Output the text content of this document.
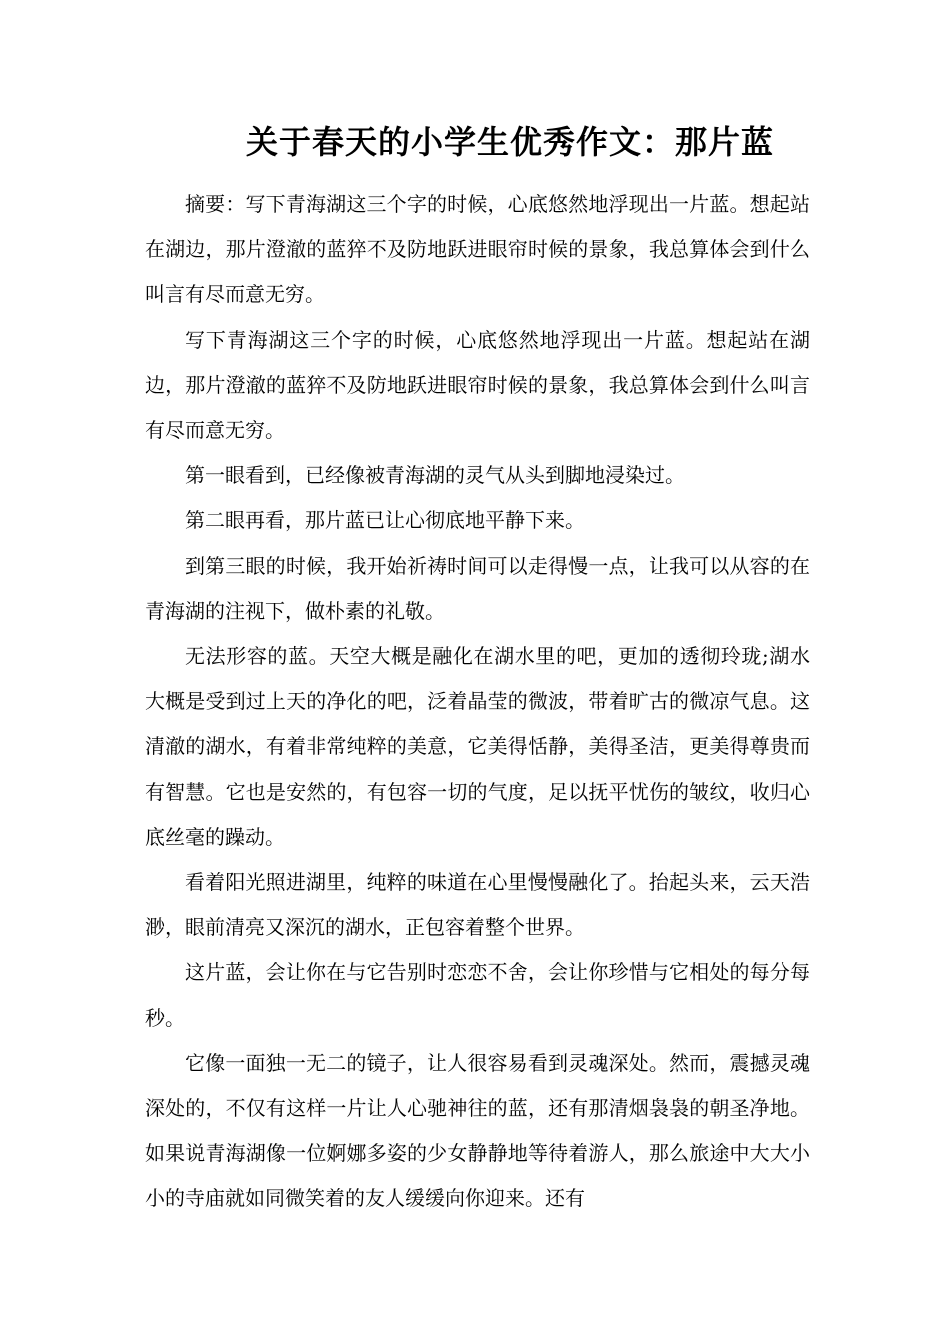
关于春天的小学生优秀作文：那片蓝

摘要：写下青海湖这三个字的时候，心底悠然地浮现出一片蓝。想起站在湖边，那片澄澈的蓝猝不及防地跃进眼帘时候的景象，我总算体会到什么叫言有尽而意无穷。

写下青海湖这三个字的时候，心底悠然地浮现出一片蓝。想起站在湖边，那片澄澈的蓝猝不及防地跃进眼帘时候的景象，我总算体会到什么叫言有尽而意无穷。

第一眼看到，已经像被青海湖的灵气从头到脚地浸染过。

第二眼再看，那片蓝已让心彻底地平静下来。

到第三眼的时候，我开始祈祷时间可以走得慢一点，让我可以从容的在青海湖的注视下，做朴素的礼敬。

无法形容的蓝。天空大概是融化在湖水里的吧，更加的透彻玲珑;湖水大概是受到过上天的净化的吧，泛着晶莹的微波，带着旷古的微凉气息。这清澈的湖水，有着非常纯粹的美意，它美得恬静，美得圣洁，更美得尊贵而有智慧。它也是安然的，有包容一切的气度，足以抚平忧伤的皱纹，收归心底丝毫的躁动。

看着阳光照进湖里，纯粹的味道在心里慢慢融化了。抬起头来，云天浩渺，眼前清亮又深沉的湖水，正包容着整个世界。

这片蓝，会让你在与它告别时恋恋不舍，会让你珍惜与它相处的每分每秒。

它像一面独一无二的镜子，让人很容易看到灵魂深处。然而，震撼灵魂深处的，不仅有这样一片让人心驰神往的蓝，还有那清烟袅袅的朝圣净地。如果说青海湖像一位婀娜多姿的少女静静地等待着游人，那么旅途中大大小小的寺庙就如同微笑着的友人缓缓向你迎来。还有
